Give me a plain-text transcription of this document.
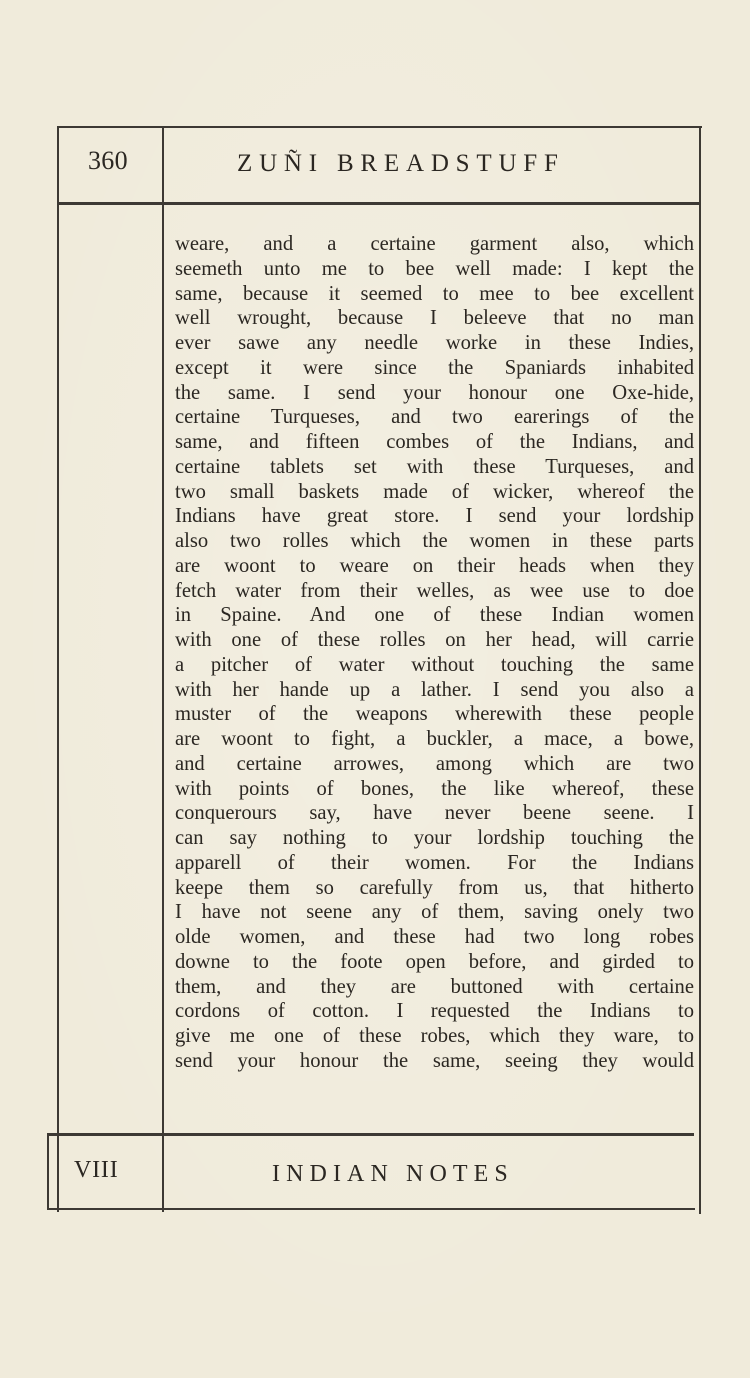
360	ZUÑI BREADSTUFF
weare, and a certaine garment also, which
seemeth unto me to bee well made: I kept the
same, because it seemed to mee to bee excellent
well wrought, because I beleeve that no man
ever sawe any needle worke in these Indies,
except it were since the Spaniards inhabited
the same. I send your honour one Oxe-hide,
certaine Turqueses, and two earerings of the
same, and fifteen combes of the Indians, and
certaine tablets set with these Turqueses, and
two small baskets made of wicker, whereof the
Indians have great store. I send your lordship
also two rolles which the women in these parts
are woont to weare on their heads when they
fetch water from their welles, as wee use to doe
in Spaine. And one of these Indian women
with one of these rolles on her head, will carrie
a pitcher of water without touching the same
with her hande up a lather. I send you also a
muster of the weapons wherewith these people
are woont to fight, a buckler, a mace, a bowe,
and certaine arrowes, among which are two
with points of bones, the like whereof, these
conquerours say, have never beene seene. I
can say nothing to your lordship touching the
apparell of their women. For the Indians
keepe them so carefully from us, that hitherto
I have not seene any of them, saving onely two
olde women, and these had two long robes
downe to the foote open before, and girded to
them, and they are buttoned with certaine
cordons of cotton. I requested the Indians to
give me one of these robes, which they ware, to
send your honour the same, seeing they would
VIII	INDIAN NOTES
